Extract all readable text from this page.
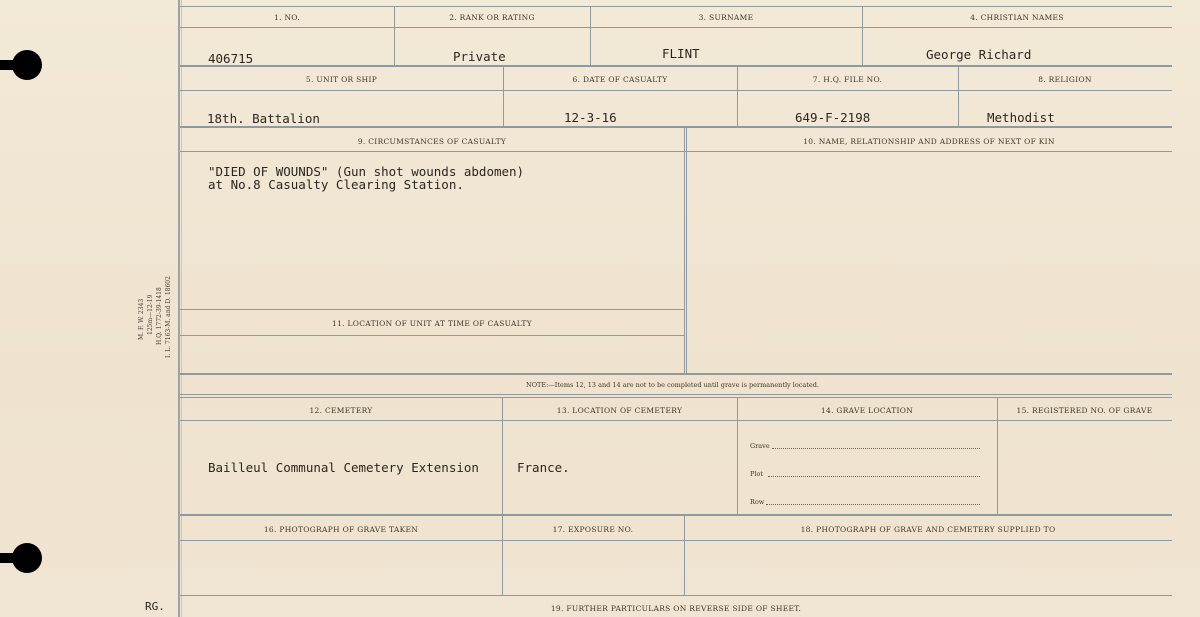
M. F. W. 2343 125m—12-19 H.Q. 1772-39-1418 I. L. 7163-M. and D. 18602
1. NO.	2. RANK OR RATING	3. SURNAME	4. CHRISTIAN NAMES
406715	Private	FLINT	George Richard
5. UNIT OR SHIP	6. DATE OF CASUALTY	7. H.Q. FILE NO.	8. RELIGION
18th. Battalion	12-3-16	649-F-2198	Methodist
9. CIRCUMSTANCES OF CASUALTY	10. NAME, RELATIONSHIP AND ADDRESS OF NEXT OF KIN
"DIED OF WOUNDS" (Gun shot wounds abdomen)
at No.8 Casualty Clearing Station.
11. LOCATION OF UNIT AT TIME OF CASUALTY
NOTE:—Items 12, 13 and 14 are not to be completed until grave is permanently located.
12. CEMETERY	13. LOCATION OF CEMETERY	14. GRAVE LOCATION	15. REGISTERED NO. OF GRAVE
Bailleul Communal Cemetery Extension	France.
Grave
Plot
Row
16. PHOTOGRAPH OF GRAVE TAKEN	17. EXPOSURE NO.	18. PHOTOGRAPH OF GRAVE AND CEMETERY SUPPLIED TO
19. FURTHER PARTICULARS ON REVERSE SIDE OF SHEET.
RG.
